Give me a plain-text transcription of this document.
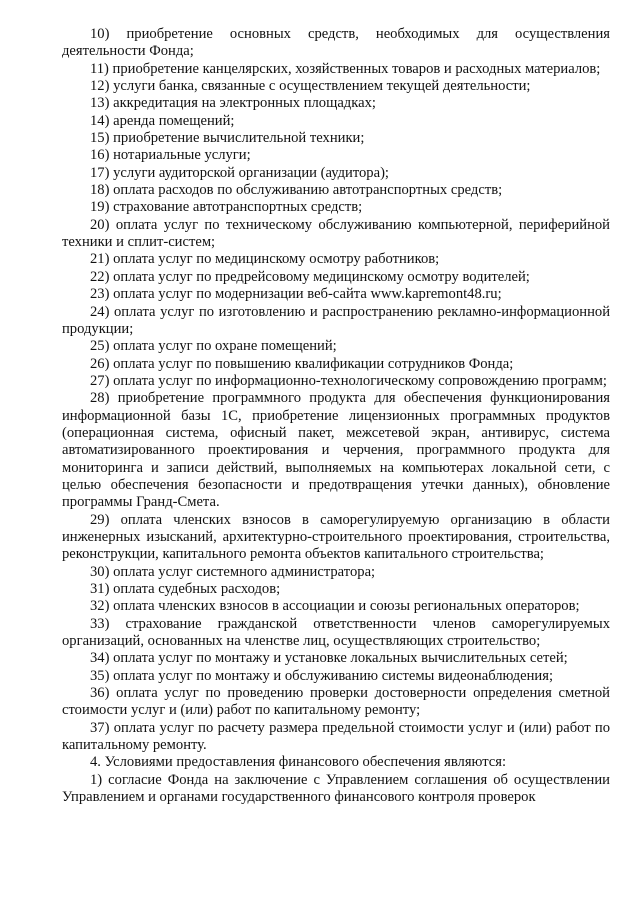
10) приобретение основных средств, необходимых для осуществления деятельности Фонда;

11) приобретение канцелярских, хозяйственных товаров и расходных материалов;

12) услуги банка, связанные с осуществлением текущей деятельности;

13) аккредитация на электронных площадках;

14) аренда помещений;

15) приобретение вычислительной техники;

16) нотариальные услуги;

17) услуги аудиторской организации (аудитора);

18) оплата расходов по обслуживанию автотранспортных средств;

19) страхование автотранспортных средств;

20) оплата услуг по техническому обслуживанию компьютерной, периферийной техники и сплит-систем;

21) оплата услуг по медицинскому осмотру работников;

22) оплата услуг по предрейсовому медицинскому осмотру водителей;

23) оплата услуг по модернизации веб-сайта www.kapremont48.ru;

24) оплата услуг по изготовлению и распространению рекламно-информационной продукции;

25) оплата услуг по охране помещений;

26) оплата услуг по повышению квалификации сотрудников Фонда;

27) оплата услуг по информационно-технологическому сопровождению программ;

28) приобретение программного продукта для обеспечения функционирования информационной базы 1С, приобретение лицензионных программных продуктов (операционная система, офисный пакет, межсетевой экран, антивирус, система автоматизированного проектирования и черчения, программного продукта для мониторинга и записи действий, выполняемых на компьютерах локальной сети, с целью обеспечения безопасности и предотвращения утечки данных), обновление программы Гранд-Смета.

29) оплата членских взносов в саморегулируемую организацию в области инженерных изысканий, архитектурно-строительного проектирования, строительства, реконструкции, капитального ремонта объектов капитального строительства;

30) оплата услуг системного администратора;

31) оплата судебных расходов;

32) оплата членских взносов в ассоциации и союзы региональных операторов;

33) страхование гражданской ответственности членов саморегулируемых организаций, основанных на членстве лиц, осуществляющих строительство;

34) оплата услуг по монтажу и установке локальных вычислительных сетей;

35) оплата услуг по монтажу и обслуживанию системы видеонаблюдения;

36) оплата услуг по проведению проверки достоверности определения сметной стоимости услуг и (или) работ по капитальному ремонту;

37) оплата услуг по расчету размера предельной стоимости услуг и (или) работ по капитальному ремонту.

4. Условиями предоставления финансового обеспечения являются:

1) согласие Фонда на заключение с Управлением соглашения об осуществлении Управлением и органами государственного финансового контроля проверок
